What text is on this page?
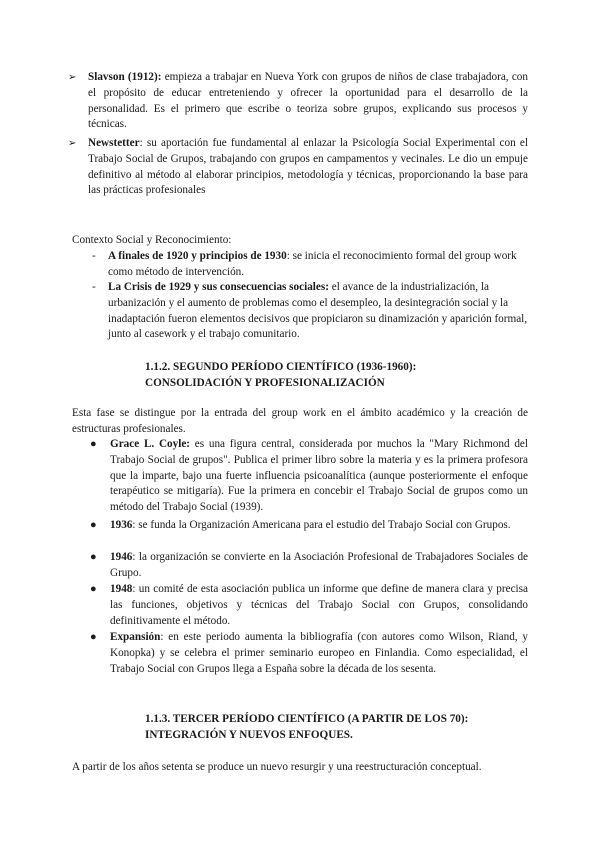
➢ Slavson (1912): empieza a trabajar en Nueva York con grupos de niños de clase trabajadora, con el propósito de educar entreteniendo y ofrecer la oportunidad para el desarrollo de la personalidad. Es el primero que escribe o teoriza sobre grupos, explicando sus procesos y técnicas.
➢ Newstetter: su aportación fue fundamental al enlazar la Psicología Social Experimental con el Trabajo Social de Grupos, trabajando con grupos en campamentos y vecinales. Le dio un empuje definitivo al método al elaborar principios, metodología y técnicas, proporcionando la base para las prácticas profesionales
Contexto Social y Reconocimiento:
- A finales de 1920 y principios de 1930: se inicia el reconocimiento formal del group work como método de intervención.
- La Crisis de 1929 y sus consecuencias sociales: el avance de la industrialización, la urbanización y el aumento de problemas como el desempleo, la desintegración social y la inadaptación fueron elementos decisivos que propiciaron su dinamización y aparición formal, junto al casework y el trabajo comunitario.
1.1.2. SEGUNDO PERÍODO CIENTÍFICO (1936-1960):
CONSOLIDACIÓN Y PROFESIONALIZACIÓN
Esta fase se distingue por la entrada del group work en el ámbito académico y la creación de estructuras profesionales.
● Grace L. Coyle: es una figura central, considerada por muchos la "Mary Richmond del Trabajo Social de grupos". Publica el primer libro sobre la materia y es la primera profesora que la imparte, bajo una fuerte influencia psicoanalítica (aunque posteriormente el enfoque terapéutico se mitigaría). Fue la primera en concebir el Trabajo Social de grupos como un método del Trabajo Social (1939).
● 1936: se funda la Organización Americana para el estudio del Trabajo Social con Grupos.
● 1946: la organización se convierte en la Asociación Profesional de Trabajadores Sociales de Grupo.
● 1948: un comité de esta asociación publica un informe que define de manera clara y precisa las funciones, objetivos y técnicas del Trabajo Social con Grupos, consolidando definitivamente el método.
● Expansión: en este periodo aumenta la bibliografía (con autores como Wilson, Riand, y Konopka) y se celebra el primer seminario europeo en Finlandia. Como especialidad, el Trabajo Social con Grupos llega a España sobre la década de los sesenta.
1.1.3. TERCER PERÍODO CIENTÍFICO (A PARTIR DE LOS 70):
INTEGRACIÓN Y NUEVOS ENFOQUES.
A partir de los años setenta se produce un nuevo resurgir y una reestructuración conceptual.
